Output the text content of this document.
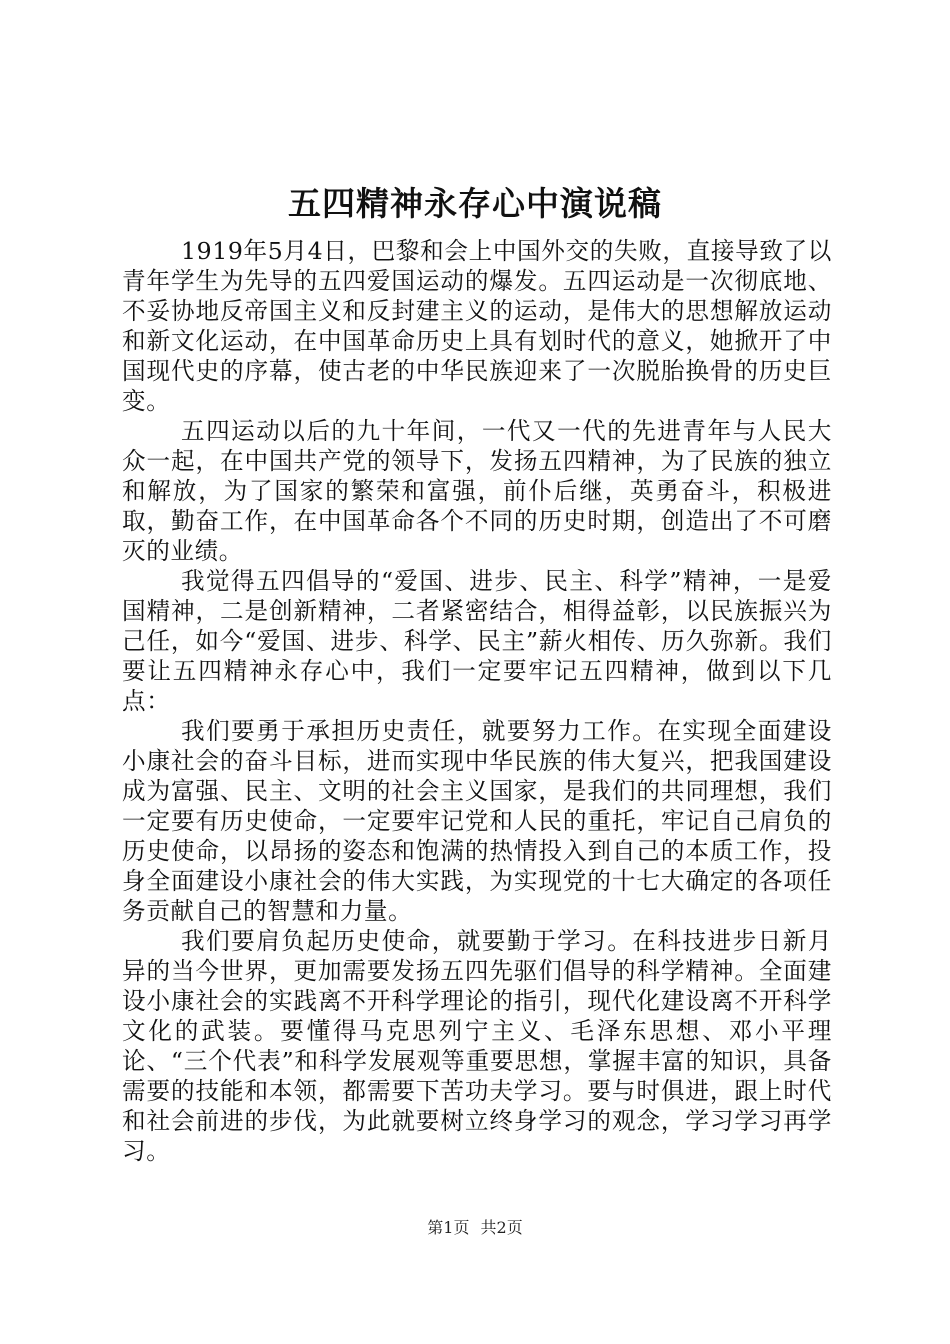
五四精神永存心中演说稿

1919年5月4日，巴黎和会上中国外交的失败，直接导致了以青年学生为先导的五四爱国运动的爆发。五四运动是一次彻底地、不妥协地反帝国主义和反封建主义的运动，是伟大的思想解放运动和新文化运动，在中国革命历史上具有划时代的意义，她掀开了中国现代史的序幕，使古老的中华民族迎来了一次脱胎换骨的历史巨变。

五四运动以后的九十年间，一代又一代的先进青年与人民大众一起，在中国共产党的领导下，发扬五四精神，为了民族的独立和解放，为了国家的繁荣和富强，前仆后继，英勇奋斗，积极进取，勤奋工作，在中国革命各个不同的历史时期，创造出了不可磨灭的业绩。

我觉得五四倡导的“爱国、进步、民主、科学”精神，一是爱国精神，二是创新精神，二者紧密结合，相得益彰，以民族振兴为己任，如今“爱国、进步、科学、民主”薪火相传、历久弥新。我们要让五四精神永存心中，我们一定要牢记五四精神，做到以下几点：

我们要勇于承担历史责任，就要努力工作。在实现全面建设小康社会的奋斗目标，进而实现中华民族的伟大复兴，把我国建设成为富强、民主、文明的社会主义国家，是我们的共同理想，我们一定要有历史使命，一定要牢记党和人民的重托，牢记自己肩负的历史使命，以昂扬的姿态和饱满的热情投入到自己的本质工作，投身全面建设小康社会的伟大实践，为实现党的十七大确定的各项任务贡献自己的智慧和力量。

我们要肩负起历史使命，就要勤于学习。在科技进步日新月异的当今世界，更加需要发扬五四先驱们倡导的科学精神。全面建设小康社会的实践离不开科学理论的指引，现代化建设离不开科学文化的武装。要懂得马克思列宁主义、毛泽东思想、邓小平理论、“三个代表”和科学发展观等重要思想，掌握丰富的知识，具备需要的技能和本领，都需要下苦功夫学习。要与时俱进，跟上时代和社会前进的步伐，为此就要树立终身学习的观念，学习学习再学习。

第1页 共2页
